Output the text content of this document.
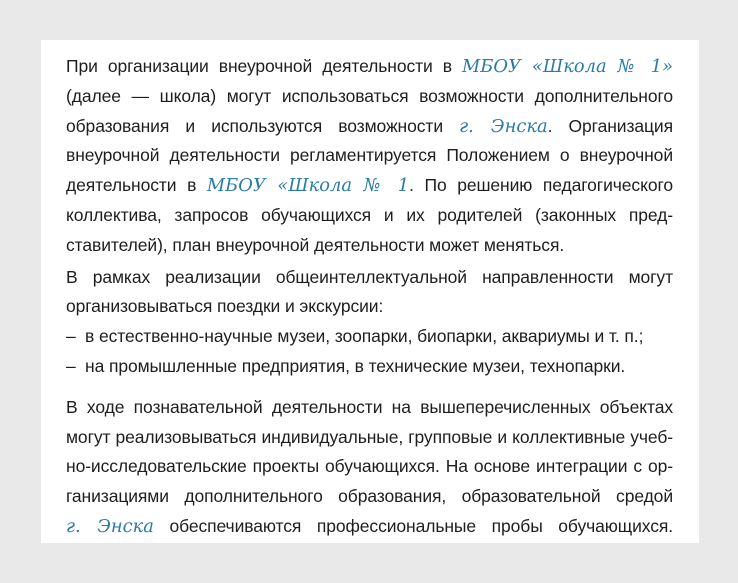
При организации внеурочной деятельности в МБОУ «Школа № 1»
(далее — школа) могут использоваться возможности дополнительного
образования и используются возможности г. Энска. Организация
внеурочной деятельности регламентируется Положением о внеурочной
деятельности в МБОУ «Школа № 1. По решению педагогического
коллектива, запросов обучающихся и их родителей (законных пред-
ставителей), план внеурочной деятельности может меняться.
В рамках реализации общеинтеллектуальной направленности могут
организовываться поездки и экскурсии:
– в естественно-научные музеи, зоопарки, биопарки, аквариумы и т. п.;
– на промышленные предприятия, в технические музеи, технопарки.
В ходе познавательной деятельности на вышеперечисленных объектах
могут реализовываться индивидуальные, групповые и коллективные учеб-
но-исследовательские проекты обучающихся. На основе интеграции с ор-
ганизациями дополнительного образования, образовательной средой
г. Энска обеспечиваются профессиональные пробы обучающихся.
